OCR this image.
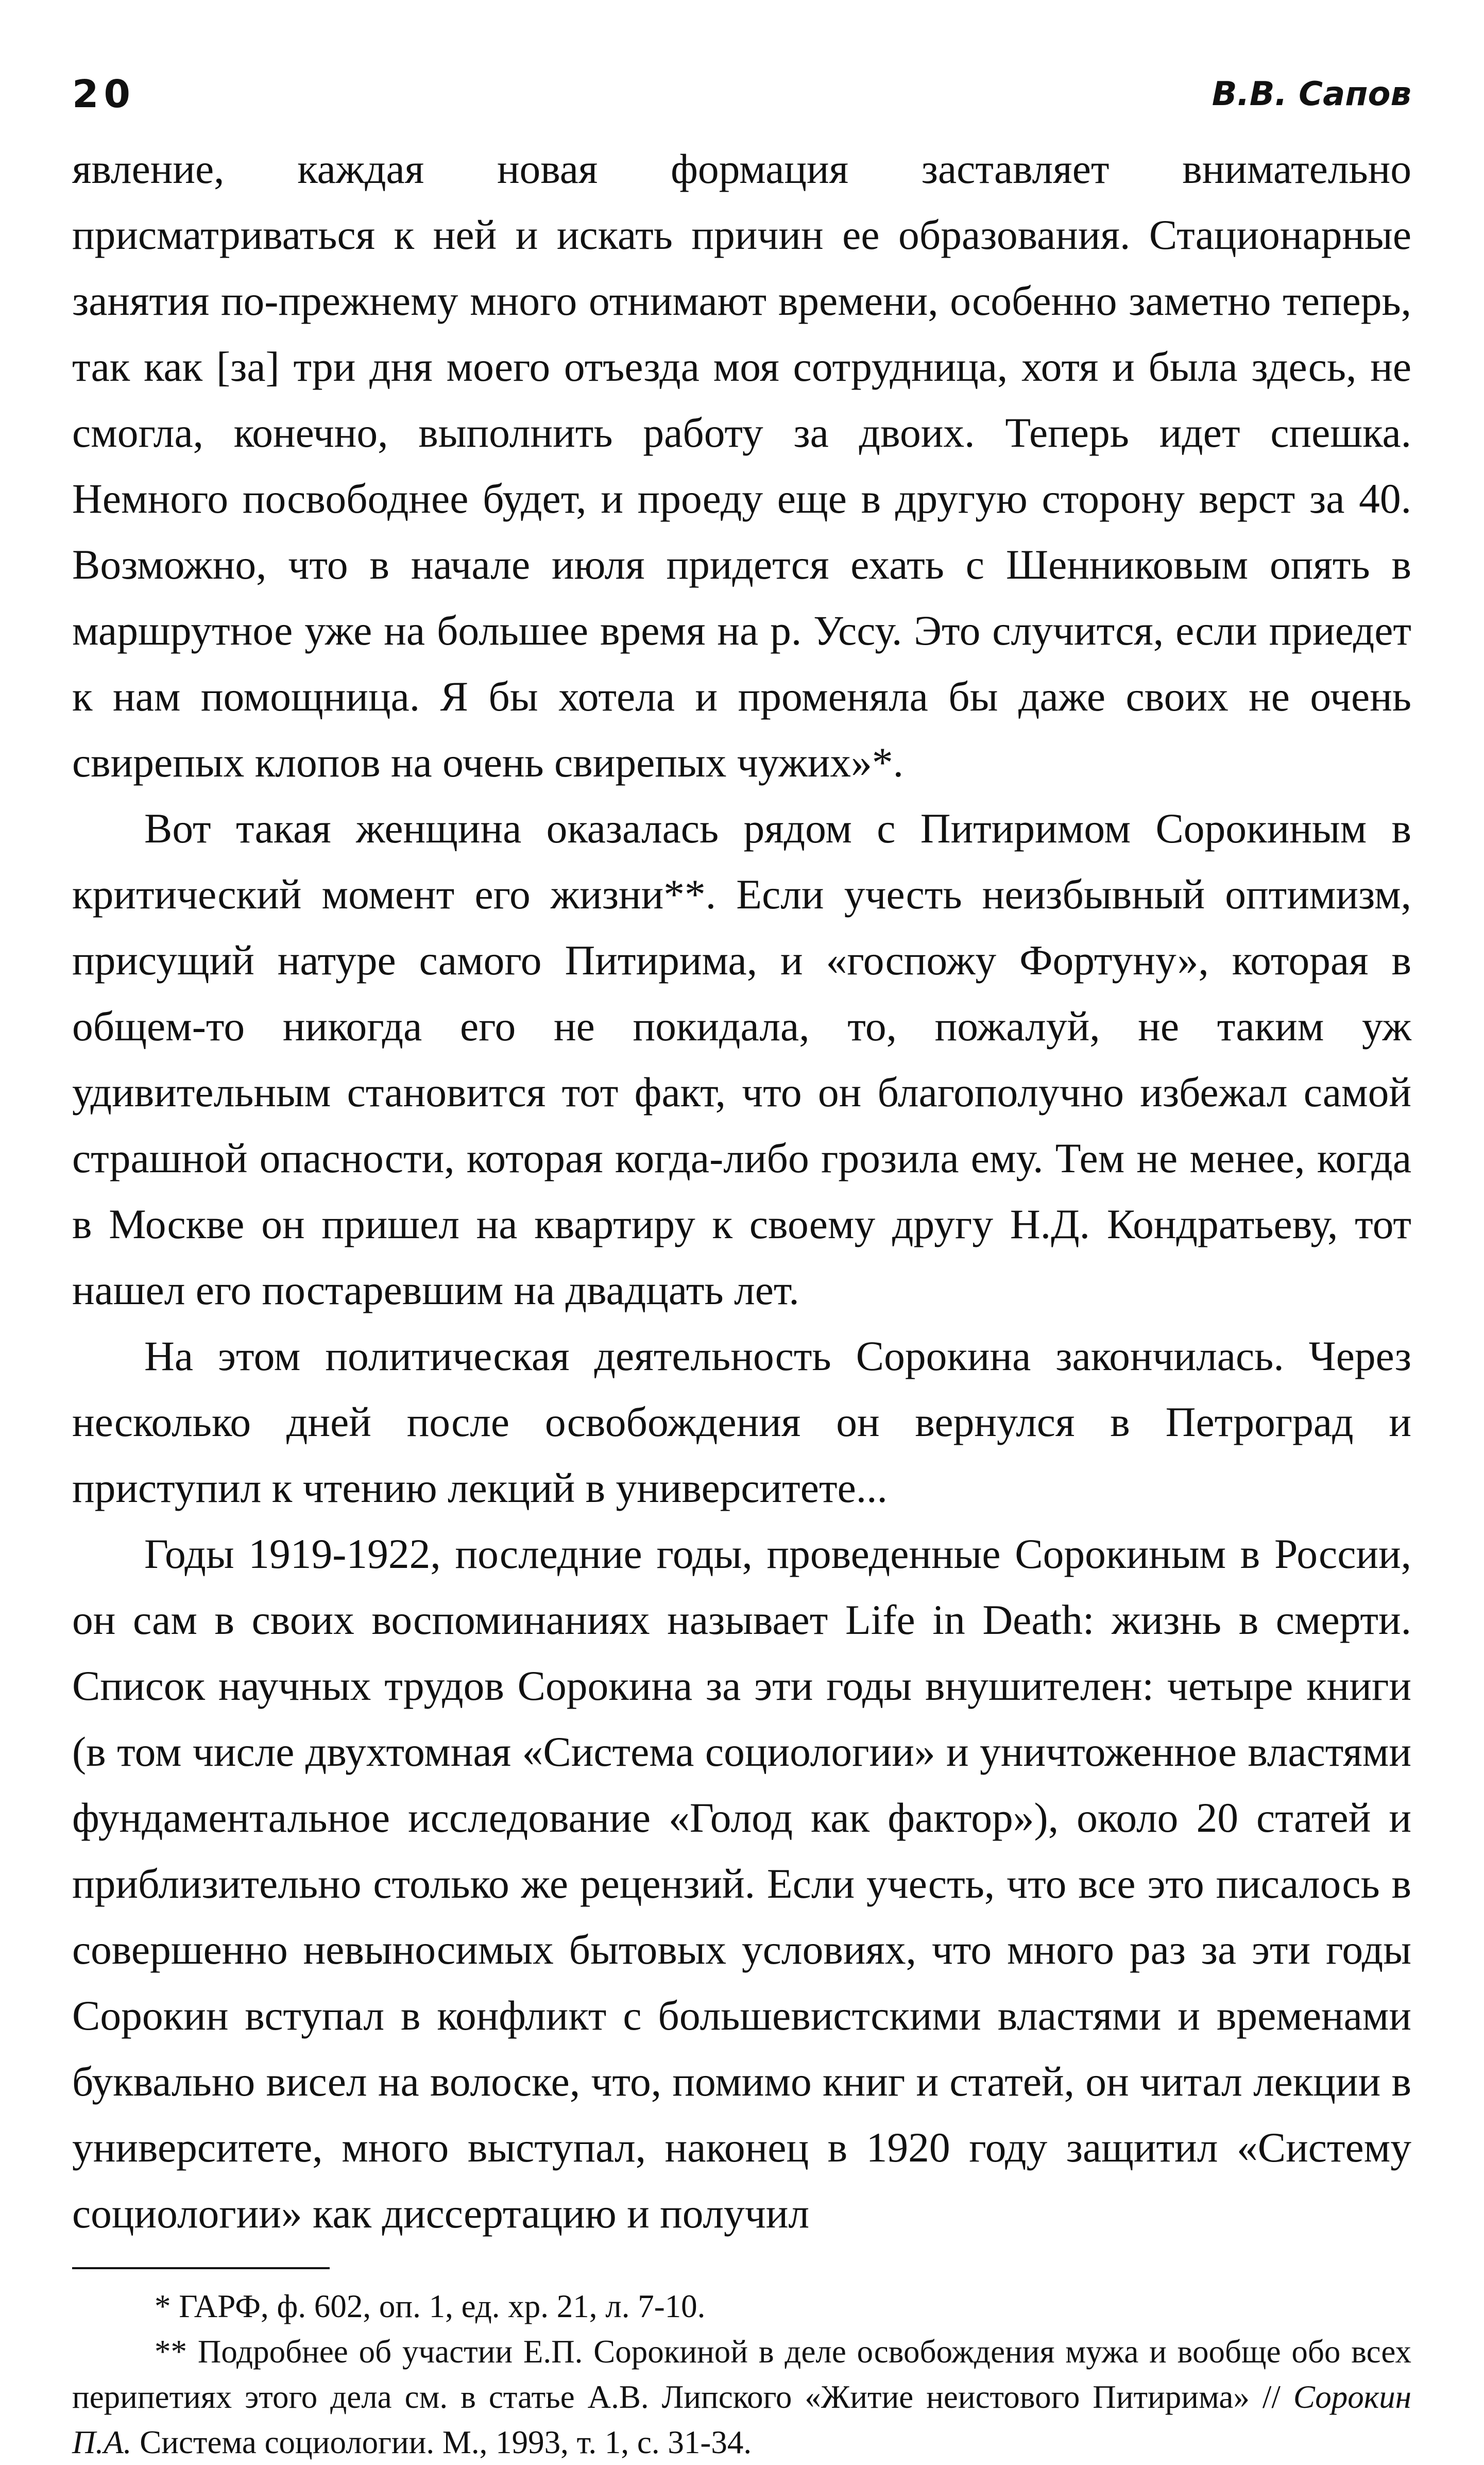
20	В.В. Сапов

явление, каждая новая формация заставляет внимательно присматриваться к ней и искать причин ее образования. Стационарные занятия по-прежнему много отнимают времени, особенно заметно теперь, так как [за] три дня моего отъезда моя сотрудница, хотя и была здесь, не смогла, конечно, выполнить работу за двоих. Теперь идет спешка. Немного посвободнее будет, и проеду еще в другую сторону верст за 40. Возможно, что в начале июля придется ехать с Шенниковым опять в маршрутное уже на большее время на р. Уссу. Это случится, если приедет к нам помощница. Я бы хотела и променяла бы даже своих не очень свирепых клопов на очень свирепых чужих»*.

Вот такая женщина оказалась рядом с Питиримом Сорокиным в критический момент его жизни**. Если учесть неизбывный оптимизм, присущий натуре самого Питирима, и «госпожу Фортуну», которая в общем-то никогда его не покидала, то, пожалуй, не таким уж удивительным становится тот факт, что он благополучно избежал самой страшной опасности, которая когда-либо грозила ему. Тем не менее, когда в Москве он пришел на квартиру к своему другу Н.Д. Кондратьеву, тот нашел его постаревшим на двадцать лет.

На этом политическая деятельность Сорокина закончилась. Через несколько дней после освобождения он вернулся в Петроград и приступил к чтению лекций в университете...

Годы 1919-1922, последние годы, проведенные Сорокиным в России, он сам в своих воспоминаниях называет Life in Death: жизнь в смерти. Список научных трудов Сорокина за эти годы внушителен: четыре книги (в том числе двухтомная «Система социологии» и уничтоженное властями фундаментальное исследование «Голод как фактор»), около 20 статей и приблизительно столько же рецензий. Если учесть, что все это писалось в совершенно невыносимых бытовых условиях, что много раз за эти годы Сорокин вступал в конфликт с большевистскими властями и временами буквально висел на волоске, что, помимо книг и статей, он читал лекции в университете, много выступал, наконец в 1920 году защитил «Систему социологии» как диссертацию и получил

* ГАРФ, ф. 602, оп. 1, ед. хр. 21, л. 7-10.

** Подробнее об участии Е.П. Сорокиной в деле освобождения мужа и вообще обо всех перипетиях этого дела см. в статье А.В. Липского «Житие неистового Питирима» // Сорокин П.А. Система социологии. М., 1993, т. 1, с. 31-34.
